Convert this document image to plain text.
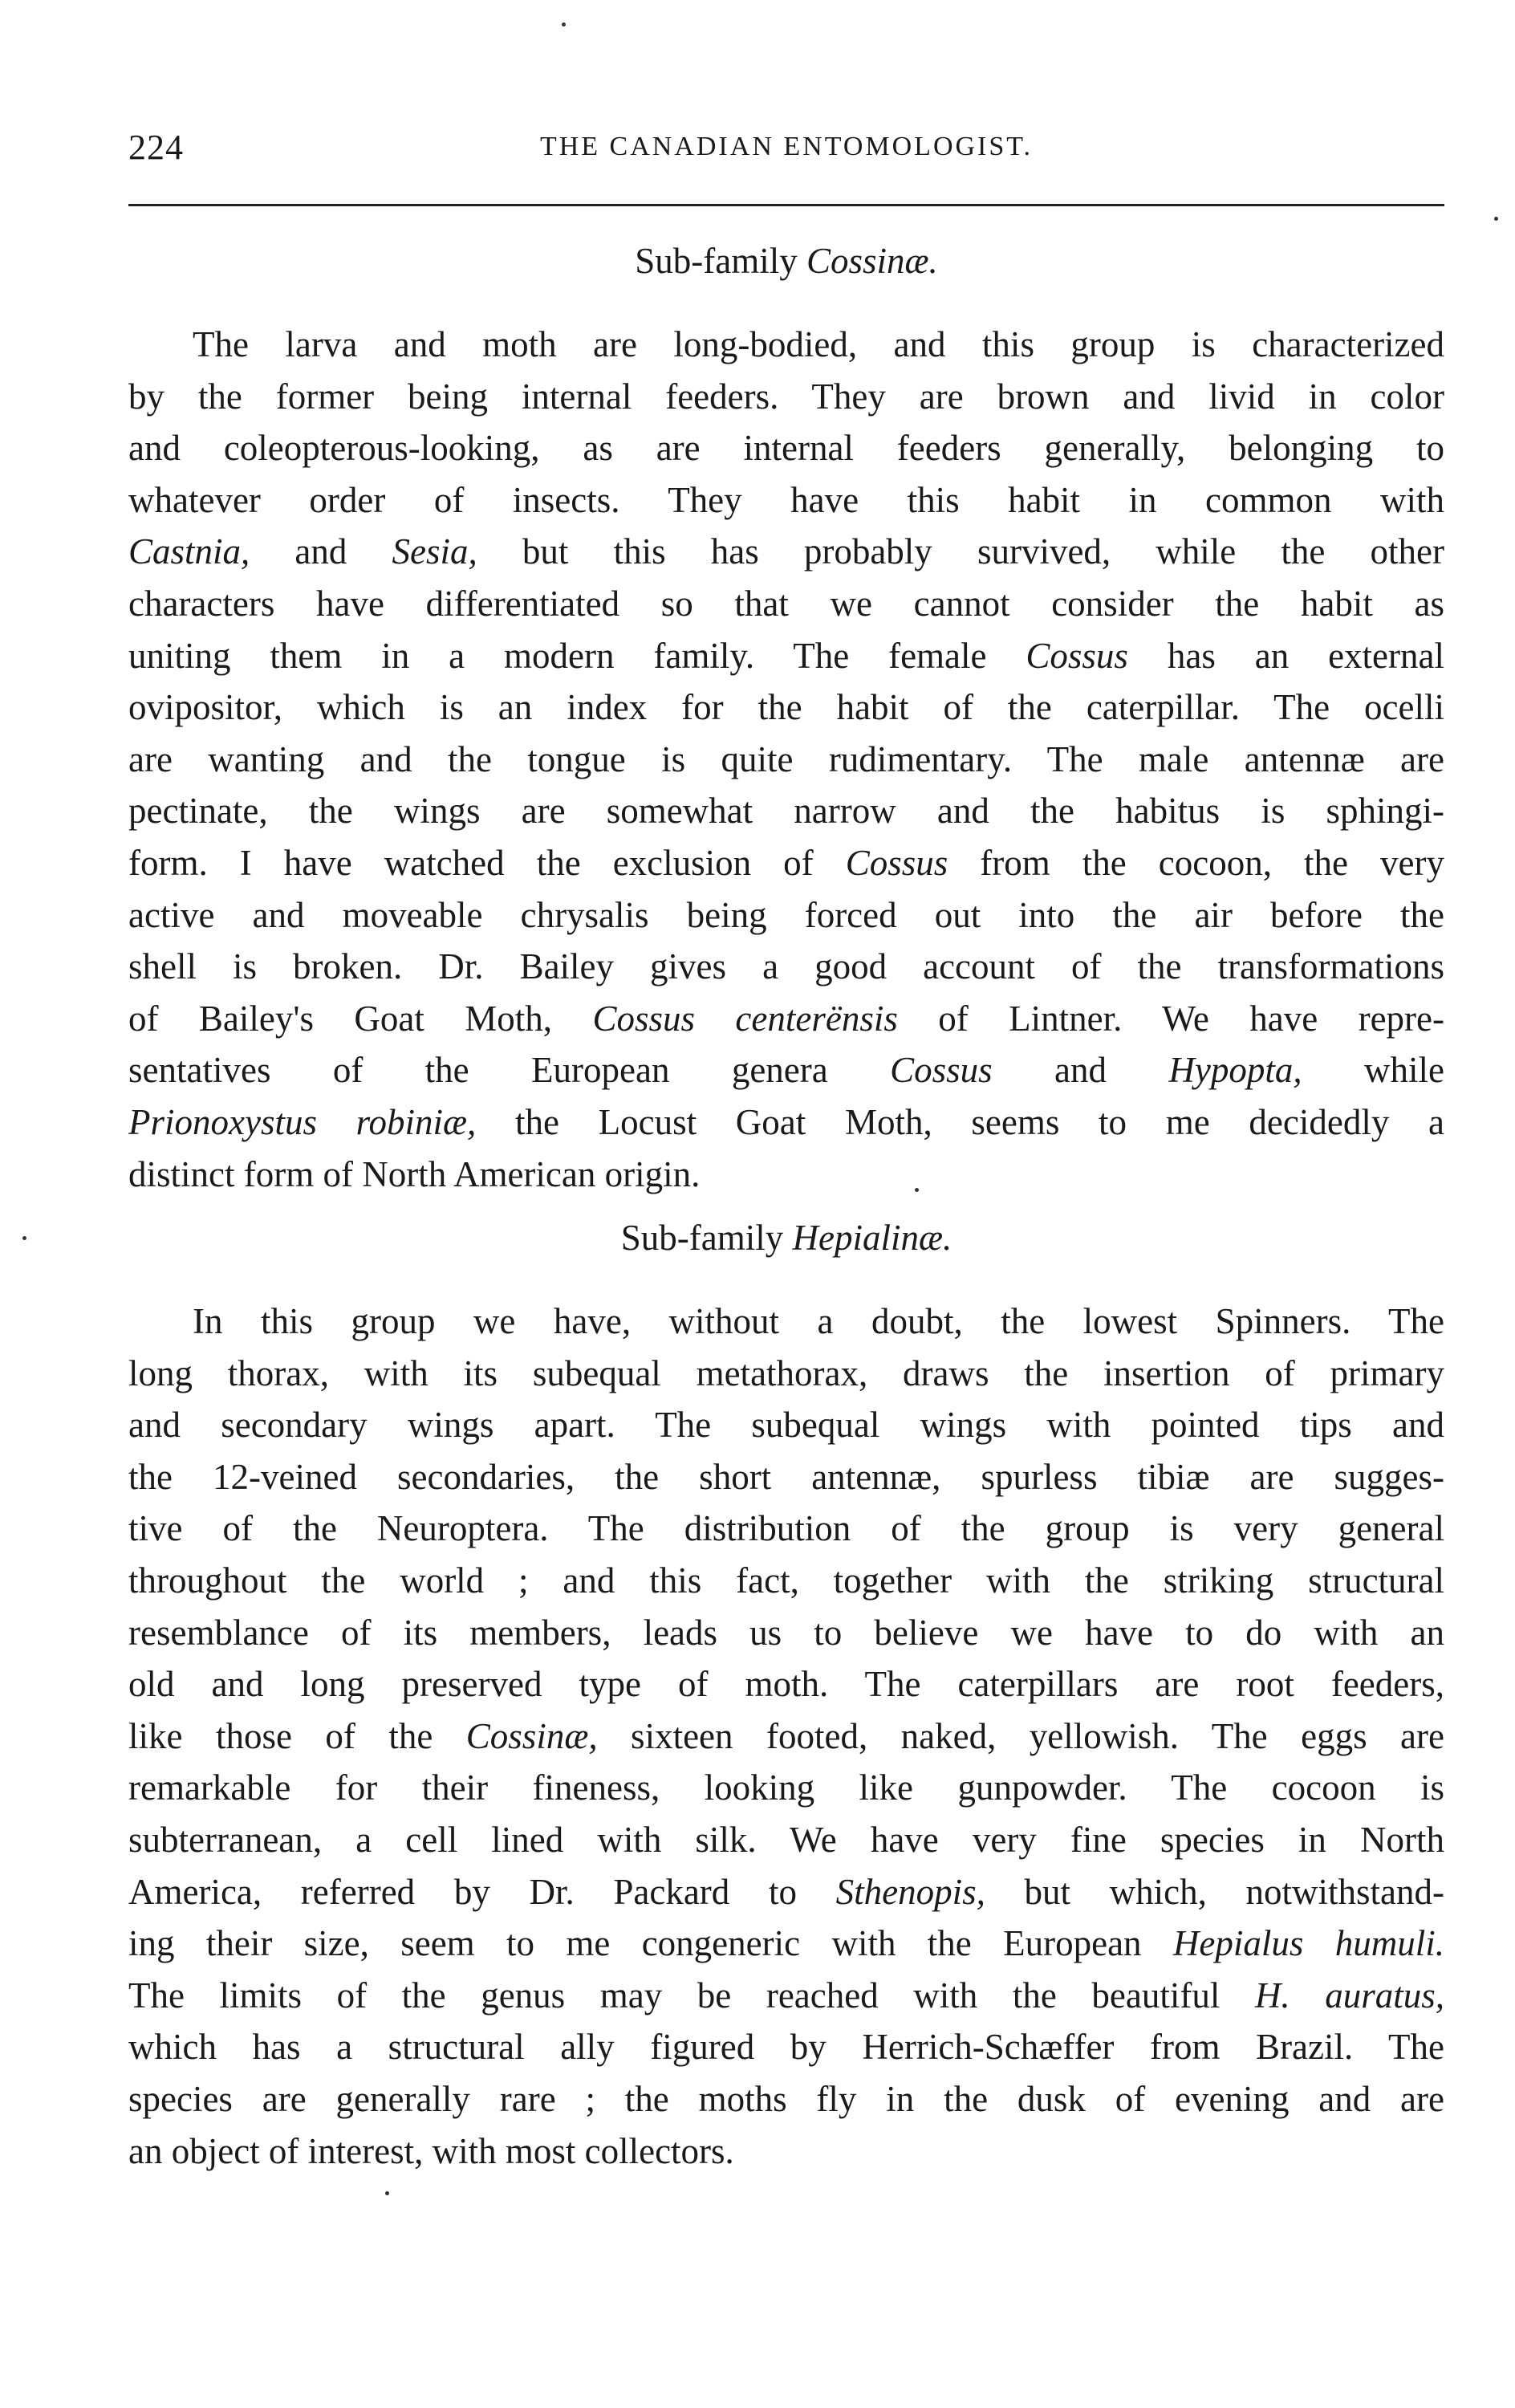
224	THE CANADIAN ENTOMOLOGIST.
Sub-family Cossinæ.
The larva and moth are long-bodied, and this group is characterized
by the former being internal feeders. They are brown and livid in color
and coleopterous-looking, as are internal feeders generally, belonging to
whatever order of insects. They have this habit in common with
Castnia, and Sesia, but this has probably survived, while the other
characters have differentiated so that we cannot consider the habit as
uniting them in a modern family. The female Cossus has an external
ovipositor, which is an index for the habit of the caterpillar. The ocelli
are wanting and the tongue is quite rudimentary. The male antennæ are
pectinate, the wings are somewhat narrow and the habitus is sphingi-
form. I have watched the exclusion of Cossus from the cocoon, the very
active and moveable chrysalis being forced out into the air before the
shell is broken. Dr. Bailey gives a good account of the transformations
of Bailey's Goat Moth, Cossus centerënsis of Lintner. We have repre-
sentatives of the European genera Cossus and Hypopta, while
Prionoxystus robiniæ, the Locust Goat Moth, seems to me decidedly a
distinct form of North American origin.
Sub-family Hepialinæ.
In this group we have, without a doubt, the lowest Spinners. The
long thorax, with its subequal metathorax, draws the insertion of primary
and secondary wings apart. The subequal wings with pointed tips and
the 12-veined secondaries, the short antennæ, spurless tibiæ are sugges-
tive of the Neuroptera. The distribution of the group is very general
throughout the world ; and this fact, together with the striking structural
resemblance of its members, leads us to believe we have to do with an
old and long preserved type of moth. The caterpillars are root feeders,
like those of the Cossinæ, sixteen footed, naked, yellowish. The eggs are
remarkable for their fineness, looking like gunpowder. The cocoon is
subterranean, a cell lined with silk. We have very fine species in North
America, referred by Dr. Packard to Sthenopis, but which, notwithstand-
ing their size, seem to me congeneric with the European Hepialus humuli.
The limits of the genus may be reached with the beautiful H. auratus,
which has a structural ally figured by Herrich-Schæffer from Brazil. The
species are generally rare ; the moths fly in the dusk of evening and are
an object of interest, with most collectors.
